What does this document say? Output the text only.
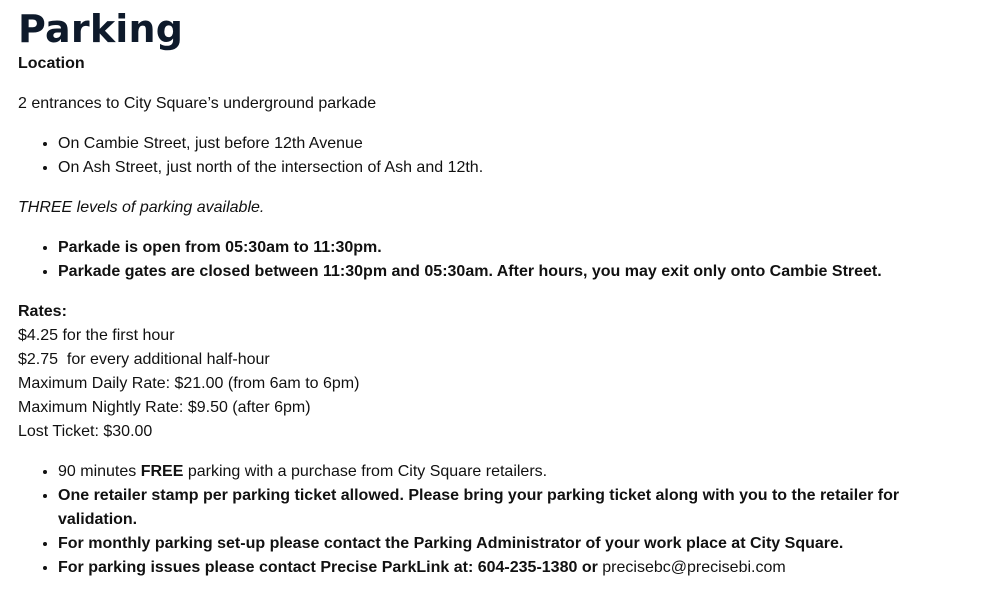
Parking

Location

2 entrances to City Square’s underground parkade

• On Cambie Street, just before 12th Avenue
• On Ash Street, just north of the intersection of Ash and 12th.

THREE levels of parking available.

• Parkade is open from 05:30am to 11:30pm.
• Parkade gates are closed between 11:30pm and 05:30am. After hours, you may exit only onto Cambie Street.

Rates:

$4.25 for the first hour

$2.75  for every additional half-hour

Maximum Daily Rate: $21.00 (from 6am to 6pm)

Maximum Nightly Rate: $9.50 (after 6pm)

Lost Ticket: $30.00

• 90 minutes FREE parking with a purchase from City Square retailers.
• One retailer stamp per parking ticket allowed. Please bring your parking ticket along with you to the retailer for validation.
• For monthly parking set-up please contact the Parking Administrator of your work place at City Square.
• For parking issues please contact Precise ParkLink at: 604-235-1380 or precisebc@precisebi.com
